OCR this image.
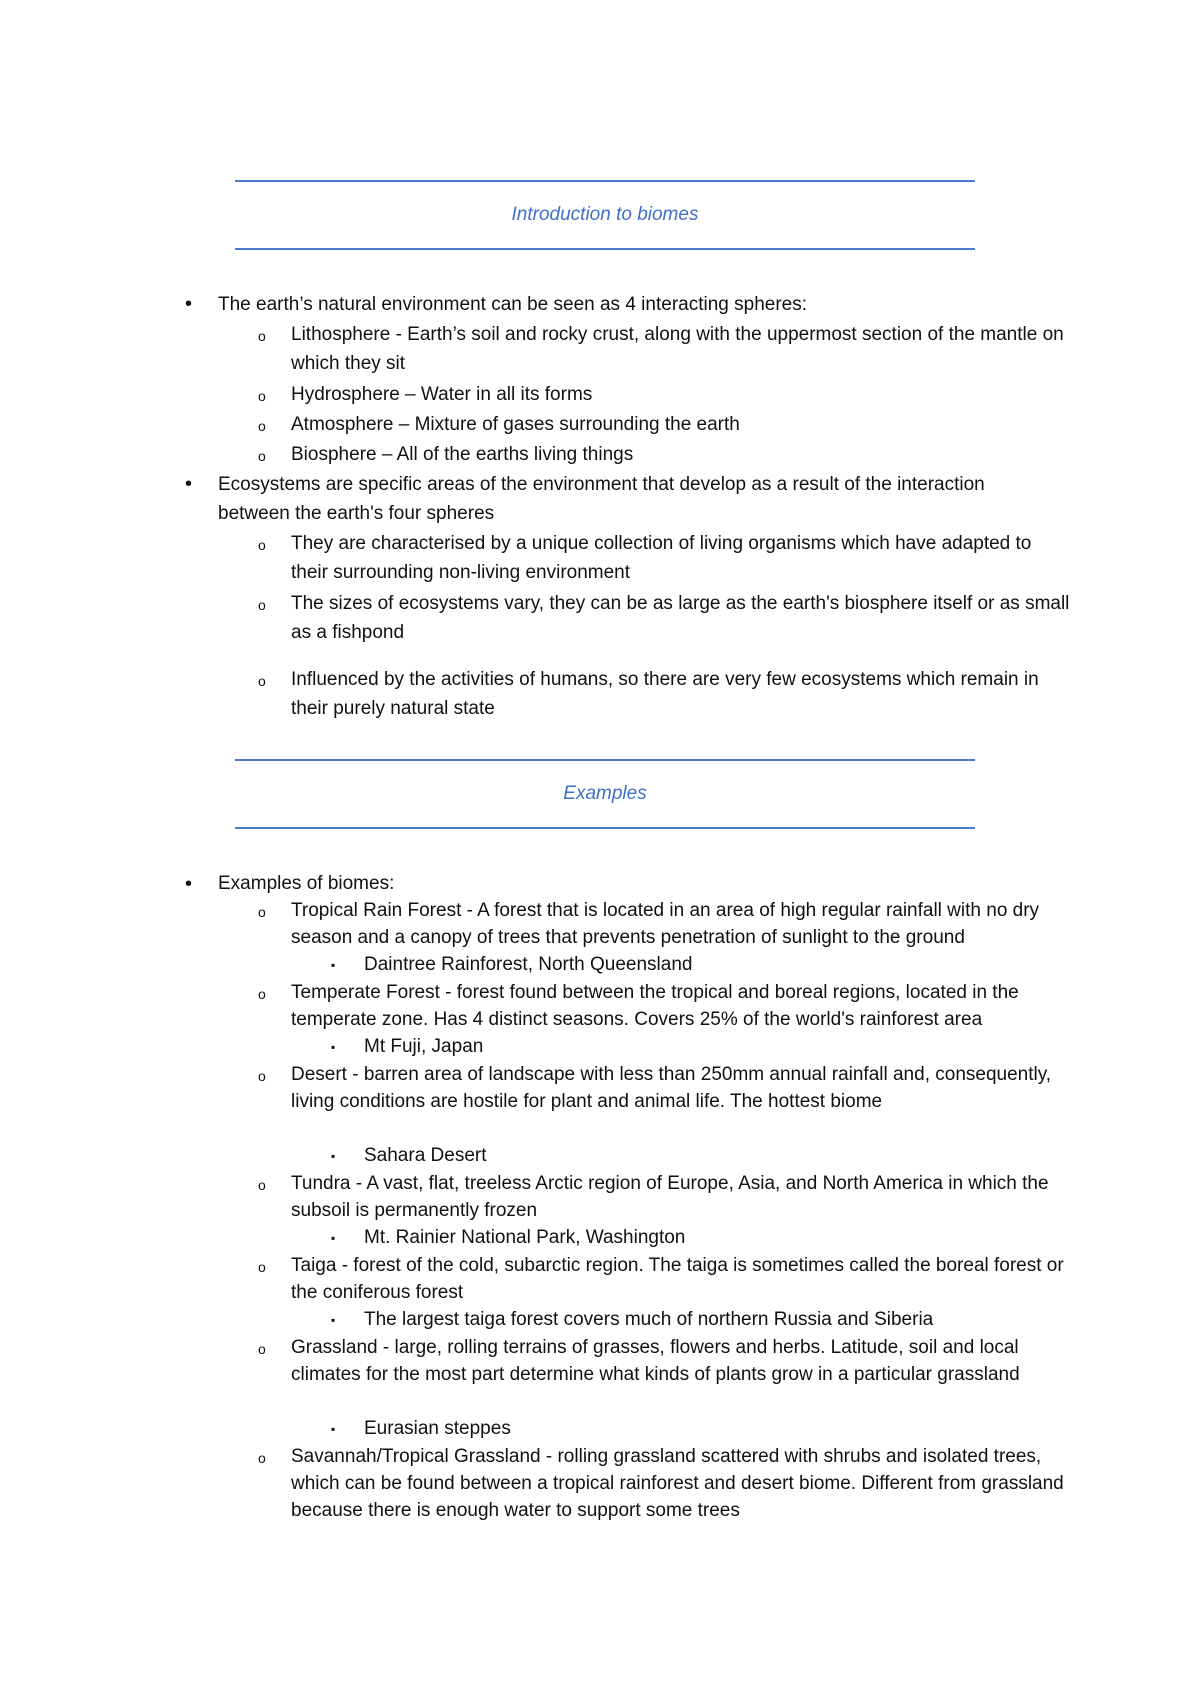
Introduction to biomes
• The earth’s natural environment can be seen as 4 interacting spheres:
o Lithosphere - Earth’s soil and rocky crust, along with the uppermost section of the mantle on which they sit
o Hydrosphere – Water in all its forms
o Atmosphere – Mixture of gases surrounding the earth
o Biosphere – All of the earths living things
• Ecosystems are specific areas of the environment that develop as a result of the interaction between the earth's four spheres
o They are characterised by a unique collection of living organisms which have adapted to their surrounding non-living environment
o The sizes of ecosystems vary, they can be as large as the earth's biosphere itself or as small as a fishpond
o Influenced by the activities of humans, so there are very few ecosystems which remain in their purely natural state
Examples
• Examples of biomes:
o Tropical Rain Forest - A forest that is located in an area of high regular rainfall with no dry season and a canopy of trees that prevents penetration of sunlight to the ground
▪ Daintree Rainforest, North Queensland
o Temperate Forest - forest found between the tropical and boreal regions, located in the temperate zone. Has 4 distinct seasons. Covers 25% of the world's rainforest area
▪ Mt Fuji, Japan
o Desert - barren area of landscape with less than 250mm annual rainfall and, consequently, living conditions are hostile for plant and animal life. The hottest biome
▪ Sahara Desert
o Tundra - A vast, flat, treeless Arctic region of Europe, Asia, and North America in which the subsoil is permanently frozen
▪ Mt. Rainier National Park, Washington
o Taiga - forest of the cold, subarctic region. The taiga is sometimes called the boreal forest or the coniferous forest
▪ The largest taiga forest covers much of northern Russia and Siberia
o Grassland - large, rolling terrains of grasses, flowers and herbs. Latitude, soil and local climates for the most part determine what kinds of plants grow in a particular grassland
▪ Eurasian steppes
o Savannah/Tropical Grassland - rolling grassland scattered with shrubs and isolated trees, which can be found between a tropical rainforest and desert biome. Different from grassland because there is enough water to support some trees
